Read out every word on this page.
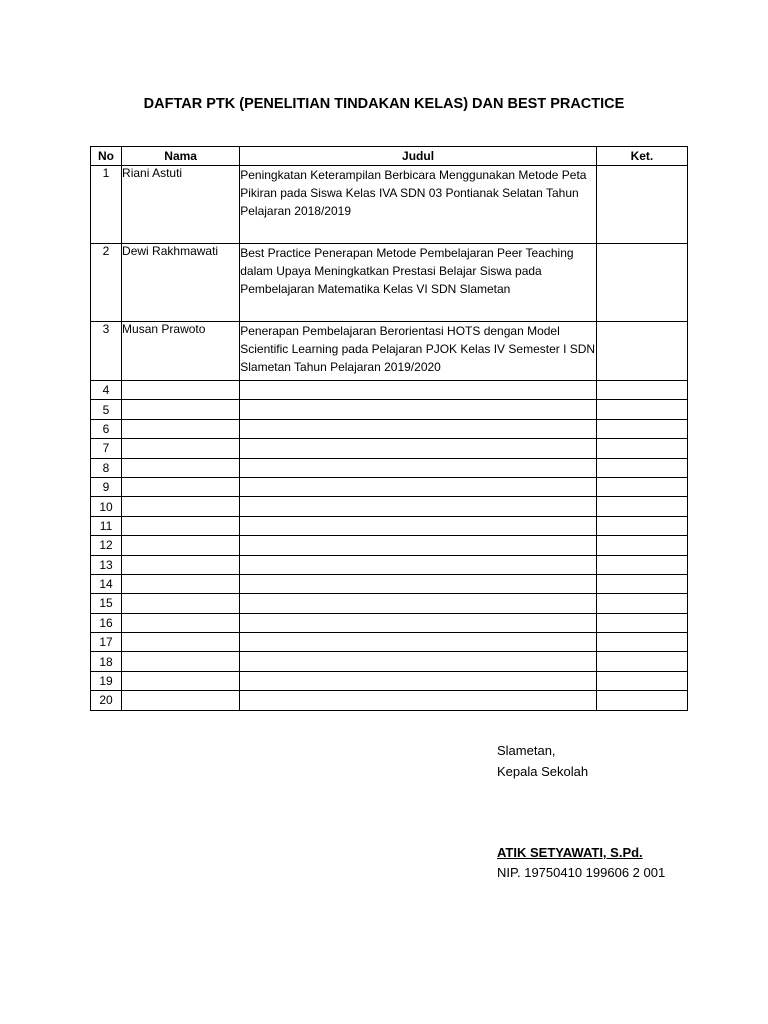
DAFTAR PTK (PENELITIAN TINDAKAN KELAS) DAN BEST PRACTICE
No	Nama	Judul	Ket.
1	Riani Astuti	Peningkatan Keterampilan Berbicara Menggunakan Metode Peta Pikiran pada Siswa Kelas IVA SDN 03 Pontianak Selatan Tahun Pelajaran 2018/2019	
2	Dewi Rakhmawati	Best Practice Penerapan Metode Pembelajaran Peer Teaching dalam Upaya Meningkatkan Prestasi Belajar Siswa pada Pembelajaran Matematika Kelas VI SDN Slametan	
3	Musan Prawoto	Penerapan Pembelajaran Berorientasi HOTS dengan Model Scientific Learning pada Pelajaran PJOK Kelas IV Semester I SDN Slametan Tahun Pelajaran 2019/2020	
4			
5			
6			
7			
8			
9			
10			
11			
12			
13			
14			
15			
16			
17			
18			
19			
20			
Slametan,
Kepala Sekolah
ATIK SETYAWATI, S.Pd.
NIP. 19750410 199606 2 001
